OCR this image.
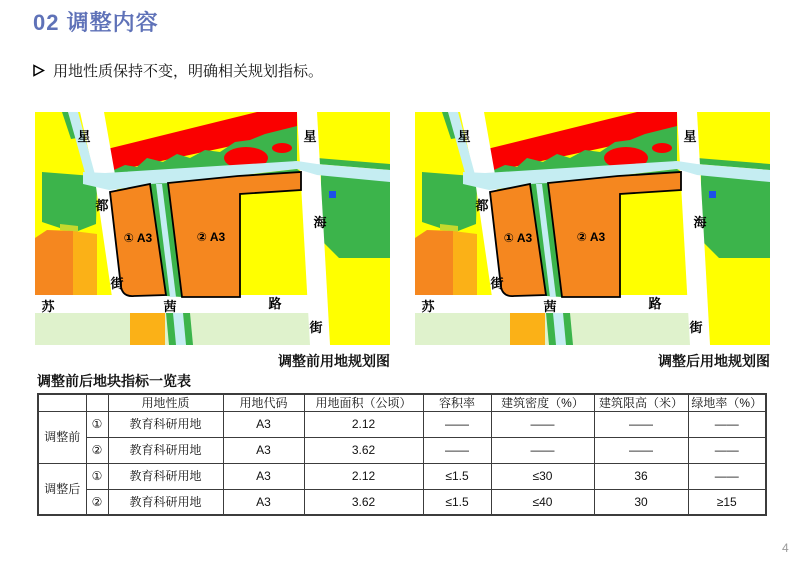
02 调整内容
用地性质保持不变，明确相关规划指标。
星
都
街
星
海
街
苏	茜	路
① A3	② A3
星
都
街
星
海
街
苏	茜	路
① A3	② A3
调整前用地规划图	调整后用地规划图
调整前后地块指标一览表
		用地性质	用地代码	用地面积（公顷）	容积率	建筑密度（%）	建筑限高（米）	绿地率（%）
调整前	①	教育科研用地	A3	2.12	——	——	——	——
	②	教育科研用地	A3	3.62	——	——	——	——
调整后	①	教育科研用地	A3	2.12	≤1.5	≤30	36	——
	②	教育科研用地	A3	3.62	≤1.5	≤40	30	≥15
4
